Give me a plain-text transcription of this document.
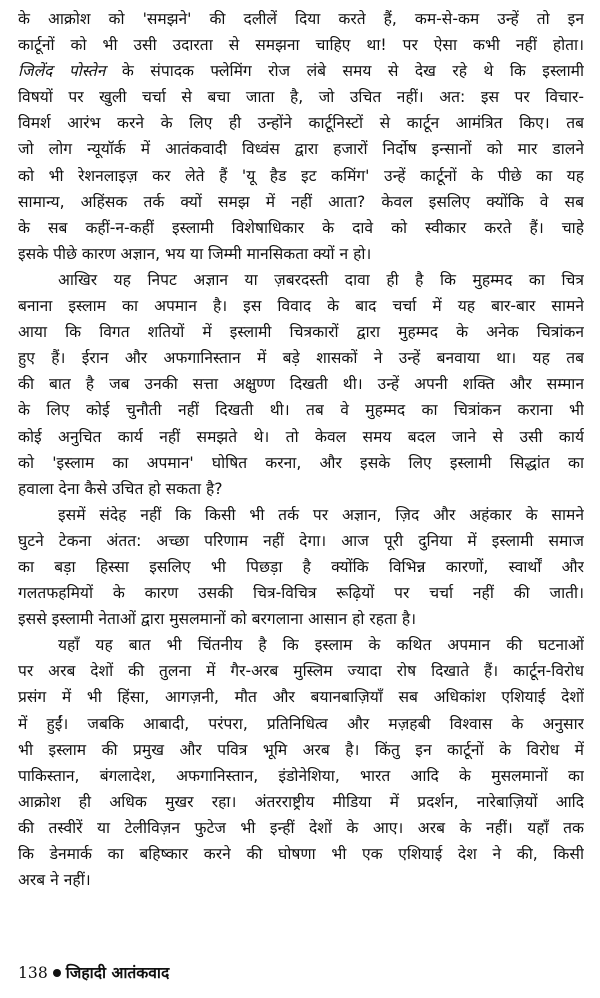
के आक्रोश को 'समझने' की दलीलें दिया करते हैं, कम-से-कम उन्हें तो इन
कार्टूनों को भी उसी उदारता से समझना चाहिए था! पर ऐसा कभी नहीं होता।
जिलेंद पोस्तेन के संपादक फ्लेमिंग रोज लंबे समय से देख रहे थे कि इस्लामी
विषयों पर खुली चर्चा से बचा जाता है, जो उचित नहीं। अत: इस पर विचार-
विमर्श आरंभ करने के लिए ही उन्होंने कार्टूनिस्टों से कार्टून आमंत्रित किए। तब
जो लोग न्यूयॉर्क में आतंकवादी विध्वंस द्वारा हजारों निर्दोष इन्सानों को मार डालने
को भी रेशनलाइज़ कर लेते हैं 'यू हैड इट कमिंग' उन्हें कार्टूनों के पीछे का यह
सामान्य, अहिंसक तर्क क्यों समझ में नहीं आता? केवल इसलिए क्योंकि वे सब
के सब कहीं-न-कहीं इस्लामी विशेषाधिकार के दावे को स्वीकार करते हैं। चाहे
इसके पीछे कारण अज्ञान, भय या जिम्मी मानसिकता क्यों न हो।

आखिर यह निपट अज्ञान या ज़बरदस्ती दावा ही है कि मुहम्मद का चित्र
बनाना इस्लाम का अपमान है। इस विवाद के बाद चर्चा में यह बार-बार सामने
आया कि विगत शतियों में इस्लामी चित्रकारों द्वारा मुहम्मद के अनेक चित्रांकन
हुए हैं। ईरान और अफगानिस्तान में बड़े शासकों ने उन्हें बनवाया था। यह तब
की बात है जब उनकी सत्ता अक्षुण्ण दिखती थी। उन्हें अपनी शक्ति और सम्मान
के लिए कोई चुनौती नहीं दिखती थी। तब वे मुहम्मद का चित्रांकन कराना भी
कोई अनुचित कार्य नहीं समझते थे। तो केवल समय बदल जाने से उसी कार्य
को 'इस्लाम का अपमान' घोषित करना, और इसके लिए इस्लामी सिद्धांत का
हवाला देना कैसे उचित हो सकता है?

इसमें संदेह नहीं कि किसी भी तर्क पर अज्ञान, ज़िद और अहंकार के सामने
घुटने टेकना अंतत: अच्छा परिणाम नहीं देगा। आज पूरी दुनिया में इस्लामी समाज
का बड़ा हिस्सा इसलिए भी पिछड़ा है क्योंकि विभिन्न कारणों, स्वार्थों और
गलतफहमियों के कारण उसकी चित्र-विचित्र रूढ़ियों पर चर्चा नहीं की जाती।
इससे इस्लामी नेताओं द्वारा मुसलमानों को बरगलाना आसान हो रहता है।

यहाँ यह बात भी चिंतनीय है कि इस्लाम के कथित अपमान की घटनाओं
पर अरब देशों की तुलना में गैर-अरब मुस्लिम ज्यादा रोष दिखाते हैं। कार्टून-विरोध
प्रसंग में भी हिंसा, आगज़नी, मौत और बयानबाज़ियाँ सब अधिकांश एशियाई देशों
में हुईं। जबकि आबादी, परंपरा, प्रतिनिधित्व और मज़हबी विश्वास के अनुसार
भी इस्लाम की प्रमुख और पवित्र भूमि अरब है। किंतु इन कार्टूनों के विरोध में
पाकिस्तान, बंगलादेश, अफगानिस्तान, इंडोनेशिया, भारत आदि के मुसलमानों का
आक्रोश ही अधिक मुखर रहा। अंतरराष्ट्रीय मीडिया में प्रदर्शन, नारेबाज़ियों आदि
की तस्वीरें या टेलीविज़न फुटेज भी इन्हीं देशों के आए। अरब के नहीं। यहाँ तक
कि डेनमार्क का बहिष्कार करने की घोषणा भी एक एशियाई देश ने की, किसी
अरब ने नहीं।

138 जिहादी आतंकवाद
